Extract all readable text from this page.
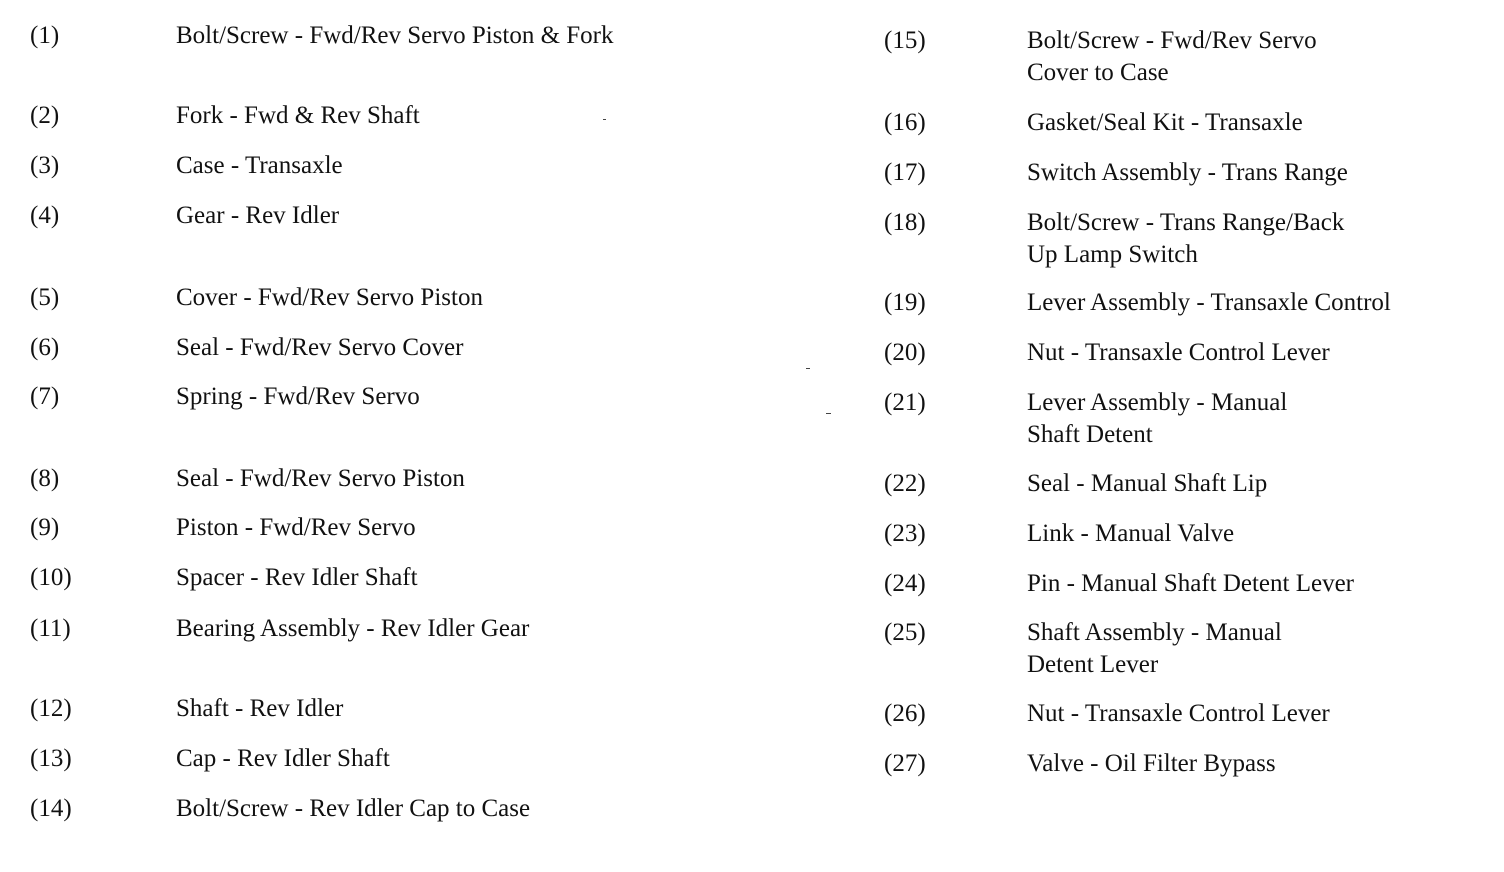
(1)	Bolt/Screw - Fwd/Rev Servo Piston & Fork
(2)	Fork - Fwd & Rev Shaft
(3)	Case - Transaxle
(4)	Gear - Rev Idler
(5)	Cover - Fwd/Rev Servo Piston
(6)	Seal - Fwd/Rev Servo Cover
(7)	Spring - Fwd/Rev Servo
(8)	Seal - Fwd/Rev Servo Piston
(9)	Piston - Fwd/Rev Servo
(10)	Spacer - Rev Idler Shaft
(11)	Bearing Assembly - Rev Idler Gear
(12)	Shaft - Rev Idler
(13)	Cap - Rev Idler Shaft
(14)	Bolt/Screw - Rev Idler Cap to Case
(15)	Bolt/Screw - Fwd/Rev Servo
Cover to Case
(16)	Gasket/Seal Kit - Transaxle
(17)	Switch Assembly - Trans Range
(18)	Bolt/Screw - Trans Range/Back
Up Lamp Switch
(19)	Lever Assembly - Transaxle Control
(20)	Nut - Transaxle Control Lever
(21)	Lever Assembly - Manual
Shaft Detent
(22)	Seal - Manual Shaft Lip
(23)	Link - Manual Valve
(24)	Pin - Manual Shaft Detent Lever
(25)	Shaft Assembly - Manual
Detent Lever
(26)	Nut - Transaxle Control Lever
(27)	Valve - Oil Filter Bypass
